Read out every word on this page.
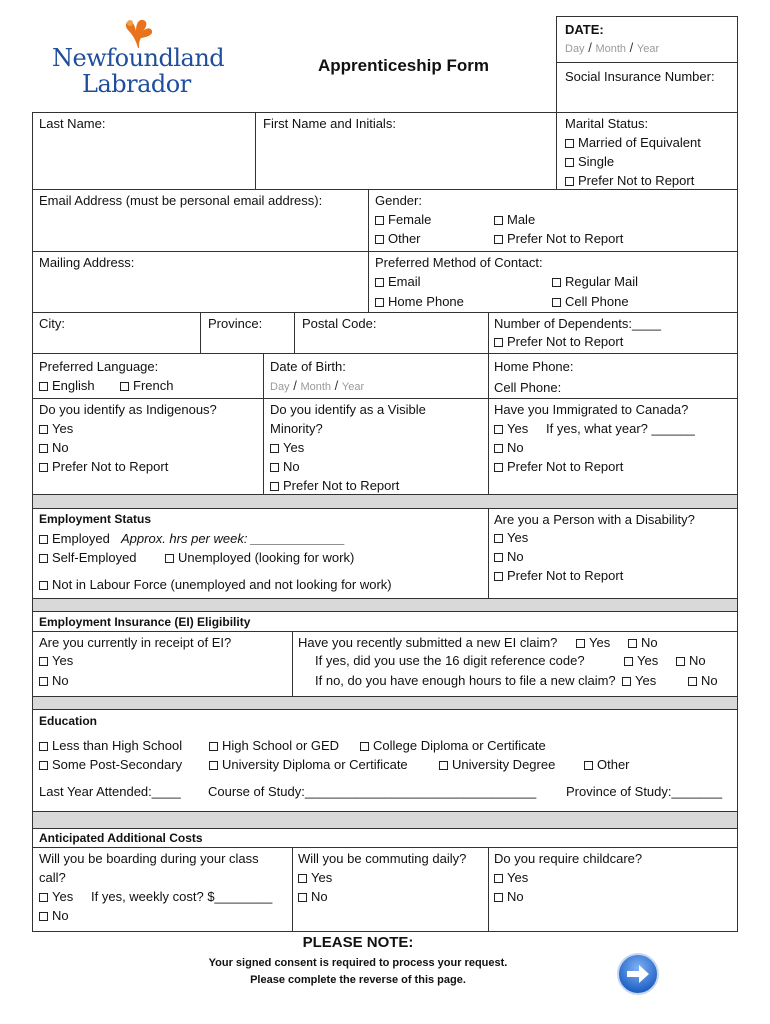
Newfoundland
Labrador
Apprenticeship Form
DATE:
Day / Month / Year
Social Insurance Number:
Last Name:	First Name and Initials:	Marital Status:
Married of Equivalent
Single
Prefer Not to Report
Email Address (must be personal email address):	Gender:
Female	Male
Other	Prefer Not to Report
Mailing Address:	Preferred Method of Contact:
Email	Regular Mail
Home Phone	Cell Phone
City:	Province:	Postal Code:	Number of Dependents:____
Prefer Not to Report
Preferred Language:
English	French
Date of Birth:
Day / Month / Year
Home Phone:
Cell Phone:
Do you identify as Indigenous?
Yes
No
Prefer Not to Report
Do you identify as a Visible
Minority?
Yes
No
Prefer Not to Report
Have you Immigrated to Canada?
Yes If yes, what year? ______
No
Prefer Not to Report
Employment Status
Employed Approx. hrs per week: _____________
Self-Employed	Unemployed (looking for work)
Not in Labour Force (unemployed and not looking for work)
Are you a Person with a Disability?
Yes
No
Prefer Not to Report
Employment Insurance (EI) Eligibility
Are you currently in receipt of EI?
Yes
No
Have you recently submitted a new EI claim?	Yes	No
If yes, did you use the 16 digit reference code?	Yes	No
If no, do you have enough hours to file a new claim?	Yes	No
Education
Less than High School	High School or GED	College Diploma or Certificate
Some Post-Secondary	University Diploma or Certificate	University Degree	Other
Last Year Attended:____ Course of Study:________________________________ Province of Study:_______
Anticipated Additional Costs
Will you be boarding during your class
call?
Yes If yes, weekly cost? $________
No
Will you be commuting daily?
Yes
No
Do you require childcare?
Yes
No
PLEASE NOTE:
Your signed consent is required to process your request.
Please complete the reverse of this page.
